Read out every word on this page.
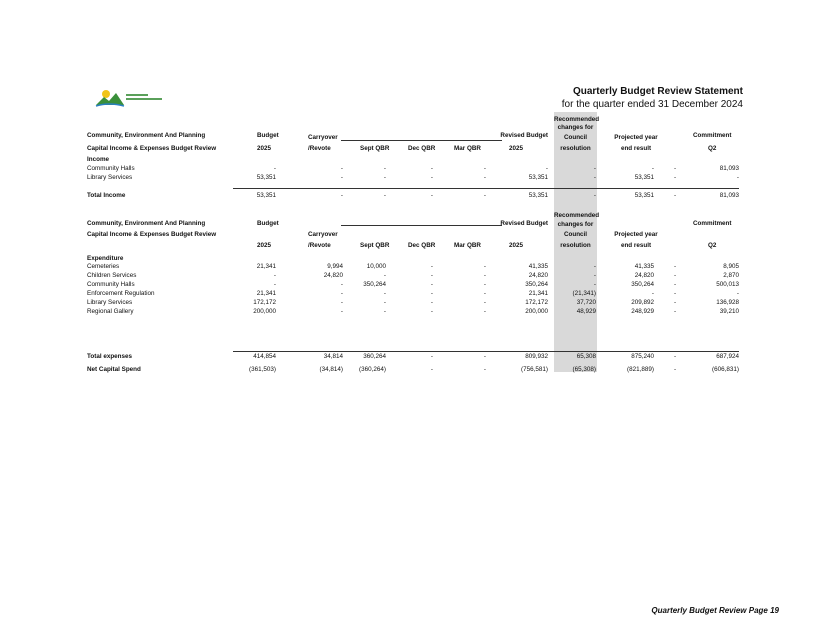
Quarterly Budget Review Statement
for the quarter ended 31 December 2024
Community, Environment And Planning
Capital Income & Expenses Budget Review
Budget
2025
Carryover
/Revote	Sept QBR	Dec QBR	Mar QBR
Revised Budget
2025
Recommended
changes for
Council
resolution
Projected year
end result
Commitment
Q2
Income
Community Halls	-	-	-	-	-	-	-	-	-	81,093
Library Services	53,351	-	-	-	-	53,351	-	53,351	-	-
Total Income	53,351	-	-	-	-	53,351	-	53,351	-	81,093
Community, Environment And Planning
Capital Income & Expenses Budget Review
Budget
2025
Carryover
/Revote	Sept QBR	Dec QBR	Mar QBR
Revised Budget
2025
Recommended
changes for
Council
resolution
Projected year
end result
Commitment
Q2
Expenditure
Cemeteries	21,341	9,994	10,000	-	-	41,335	-	41,335	-	8,905
Children Services	-	24,820	-	-	-	24,820	-	24,820	-	2,870
Community Halls	-	-	350,264	-	-	350,264	-	350,264	-	500,013
Enforcement Regulation	21,341	-	-	-	-	21,341	(21,341)	-	-	-
Library Services	172,172	-	-	-	-	172,172	37,720	209,892	-	136,928
Regional Gallery	200,000	-	-	-	-	200,000	48,929	248,929	-	39,210
Total expenses	414,854	34,814	360,264	-	-	809,932	65,308	875,240	-	687,924
Net Capital Spend	(361,503)	(34,814)	(360,264)	-	-	(756,581)	(65,308)	(821,889)	-	(606,831)
Quarterly Budget Review Page 19
